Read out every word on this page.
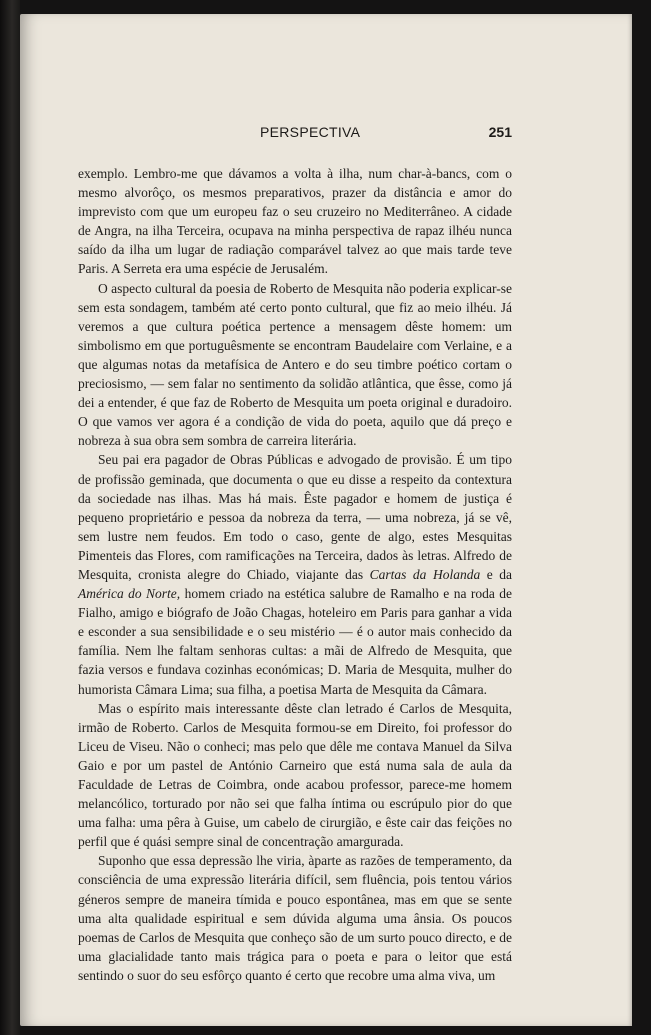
PERSPECTIVA	251

exemplo. Lembro-me que dávamos a volta à ilha, num char-à-bancs, com o mesmo alvorôço, os mesmos preparativos, prazer da distância e amor do imprevisto com que um europeu faz o seu cruzeiro no Mediterrâneo. A cidade de Angra, na ilha Terceira, ocupava na minha perspectiva de rapaz ilhéu nunca saído da ilha um lugar de radiação comparável talvez ao que mais tarde teve Paris. A Serreta era uma espécie de Jerusalém.

O aspecto cultural da poesia de Roberto de Mesquita não poderia explicar-se sem esta sondagem, também até certo ponto cultural, que fiz ao meio ilhéu. Já veremos a que cultura poética pertence a mensagem dêste homem: um simbolismo em que portuguêsmente se encontram Baudelaire com Verlaine, e a que algumas notas da metafísica de Antero e do seu timbre poético cortam o preciosismo, — sem falar no sentimento da solidão atlântica, que êsse, como já dei a entender, é que faz de Roberto de Mesquita um poeta original e duradoiro. O que vamos ver agora é a condição de vida do poeta, aquilo que dá preço e nobreza à sua obra sem sombra de carreira literária.

Seu pai era pagador de Obras Públicas e advogado de provisão. É um tipo de profissão geminada, que documenta o que eu disse a respeito da contextura da sociedade nas ilhas. Mas há mais. Êste pagador e homem de justiça é pequeno proprietário e pessoa da nobreza da terra, — uma nobreza, já se vê, sem lustre nem feudos. Em todo o caso, gente de algo, estes Mesquitas Pimenteis das Flores, com ramificações na Terceira, dados às letras. Alfredo de Mesquita, cronista alegre do Chiado, viajante das Cartas da Holanda e da América do Norte, homem criado na estética salubre de Ramalho e na roda de Fialho, amigo e biógrafo de João Chagas, hoteleiro em Paris para ganhar a vida e esconder a sua sensibilidade e o seu mistério — é o autor mais conhecido da família. Nem lhe faltam senhoras cultas: a mãi de Alfredo de Mesquita, que fazia versos e fundava cozinhas económicas; D. Maria de Mesquita, mulher do humorista Câmara Lima; sua filha, a poetisa Marta de Mesquita da Câmara.

Mas o espírito mais interessante dêste clan letrado é Carlos de Mesquita, irmão de Roberto. Carlos de Mesquita formou-se em Direito, foi professor do Liceu de Viseu. Não o conheci; mas pelo que dêle me contava Manuel da Silva Gaio e por um pastel de António Carneiro que está numa sala de aula da Faculdade de Letras de Coimbra, onde acabou professor, parece-me homem melancólico, torturado por não sei que falha íntima ou escrúpulo pior do que uma falha: uma pêra à Guise, um cabelo de cirurgião, e êste cair das feições no perfil que é quási sempre sinal de concentração amargurada.

Suponho que essa depressão lhe viria, àparte as razões de temperamento, da consciência de uma expressão literária difícil, sem fluência, pois tentou vários géneros sempre de maneira tímida e pouco espontânea, mas em que se sente uma alta qualidade espiritual e sem dúvida alguma uma ânsia. Os poucos poemas de Carlos de Mesquita que conheço são de um surto pouco directo, e de uma glacialidade tanto mais trágica para o poeta e para o leitor que está sentindo o suor do seu esfôrço quanto é certo que recobre uma alma viva, um
